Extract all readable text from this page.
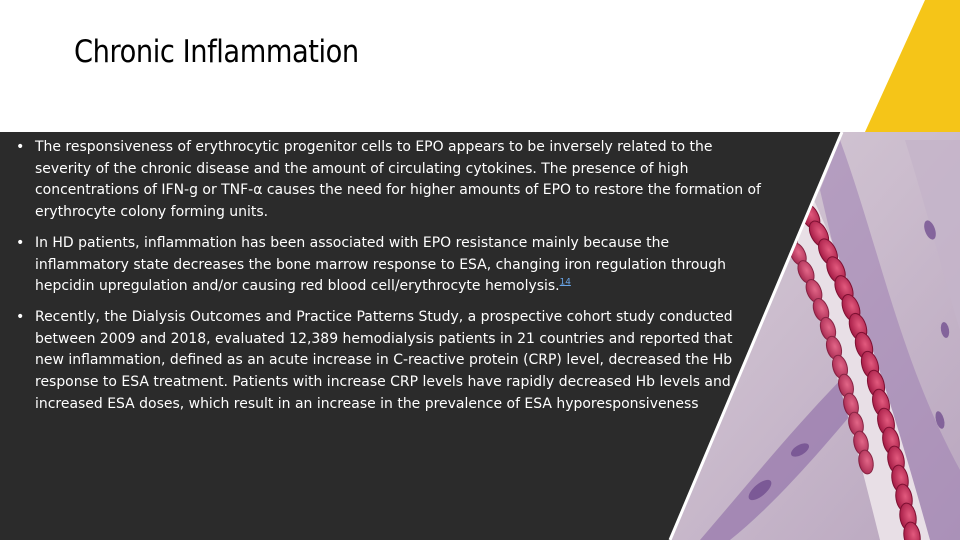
Chronic Inflammation
• The responsiveness of erythrocytic progenitor cells to EPO appears to be inversely related to the severity of the chronic disease and the amount of circulating cytokines. The presence of high concentrations of IFN-g or TNF-α causes the need for higher amounts of EPO to restore the formation of erythrocyte colony forming units.
• In HD patients, inflammation has been associated with EPO resistance mainly because the inflammatory state decreases the bone marrow response to ESA, changing iron regulation through hepcidin upregulation and/or causing red blood cell/erythrocyte hemolysis.$^{14}$
• Recently, the Dialysis Outcomes and Practice Patterns Study, a prospective cohort study conducted between 2009 and 2018, evaluated 12,389 hemodialysis patients in 21 countries and reported that new inflammation, defined as an acute increase in C-reactive protein (CRP) level, decreased the Hb response to ESA treatment. Patients with increase CRP levels have rapidly decreased Hb levels and increased ESA doses, which result in an increase in the prevalence of ESA hyporesponsiveness
